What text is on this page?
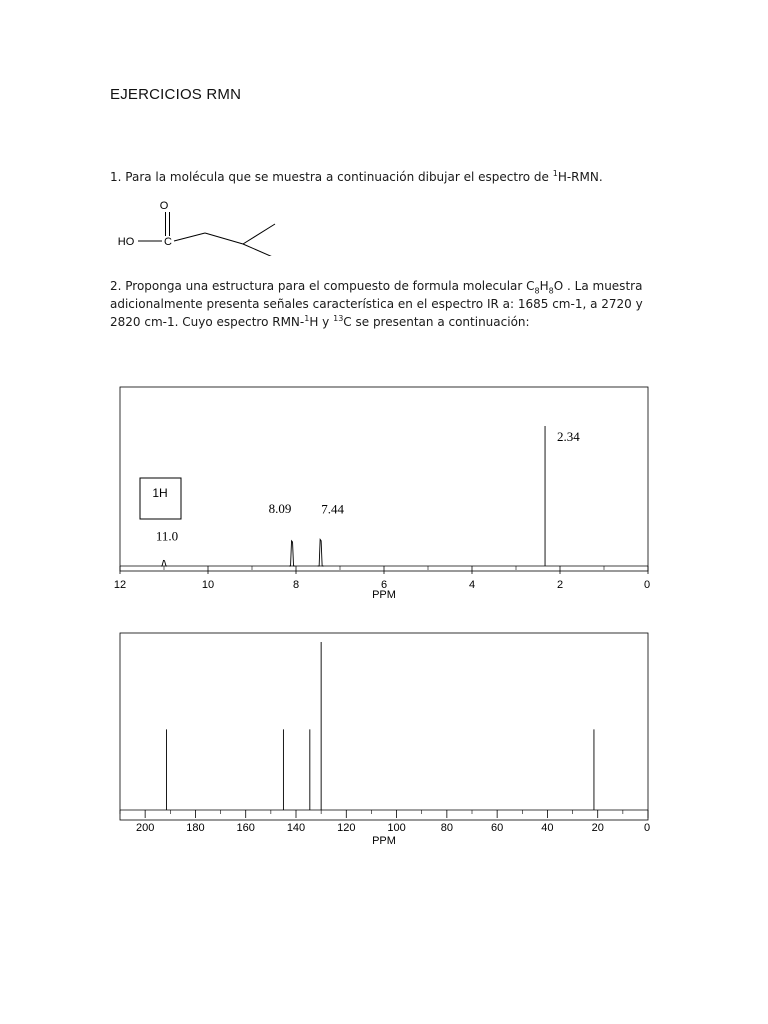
EJERCICIOS RMN
1. Para la molécula que se muestra a continuación dibujar el espectro de $^1$H-RMN.
O
C
HO
2. Proponga una estructura para el compuesto de formula molecular $C_8H_8O$ . La muestra adicionalmente presenta señales característica en el espectro IR a: 1685 cm-1, a 2720 y 2820 cm-1. Cuyo espectro RMN-$^1$H y $^{13}$C se presentan a continuación:
1H
11.0
8.09 7.44
2.34
12	10	8	6	4	2	0
PPM
200	180	160	140	120	100	80	60	40	20	0
PPM
